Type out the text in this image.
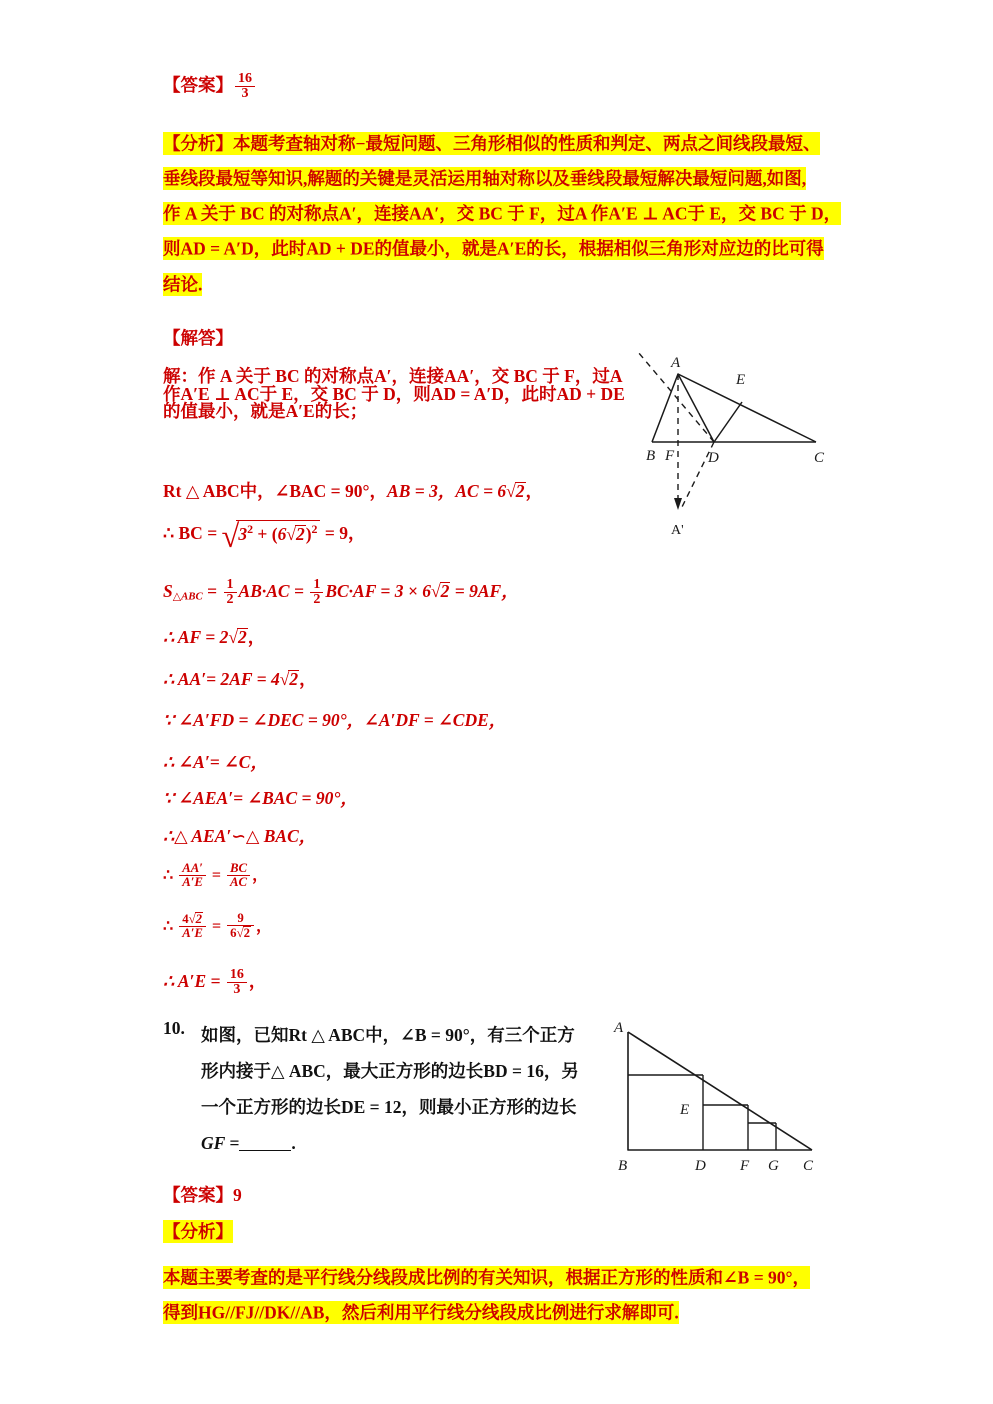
【答案】 $\frac{16}{3}$
【分析】本题考查轴对称−最短问题、三角形相似的性质和判定、两点之间线段最短、
垂线段最短等知识,解题的关键是灵活运用轴对称以及垂线段最短解决最短问题,如图,
作 A 关于 BC 的对称点A′，连接AA′，交 BC 于 F，过A 作A′E ⊥ AC于 E，交 BC 于 D，
则AD = A′D，此时AD + DE的值最小，就是A′E的长，根据相似三角形对应边的比可得
结论.
【解答】
解：作 A 关于 BC 的对称点A′，连接AA′，交 BC 于 F，过A
作A′E ⊥ AC于 E，交 BC 于 D，则AD = A′D，此时AD + DE
的值最小，就是A′E的长；
Rt △ ABC中，∠BAC = 90°，AB = 3，AC = 6√2，
∴ BC = $√3^2 + (6√2)^2 = 9$，
$S_{\triangle ABC} = \frac{1}{2} AB\cdot AC = \frac{1}{2} BC\cdot AF = 3 \times 6√2 = 9AF$，
∴ AF = 2√2，
∴ AA′= 2AF = 4√2，
∵ ∠A′FD = ∠DEC = 90°，∠A′DF = ∠CDE，
∴ ∠A′= ∠C，
∵ ∠AEA′= ∠BAC = 90°，
∴△ AEA′∽△ BAC，
∴ $\frac{AA'}{A'E} = \frac{BC}{AC}$ ，
∴ $\frac{4√2}{A'E} = \frac{9}{6√2}$ ，
∴ $A'E = \frac{16}{3}$ ，
A
E
B F D	C
A'
10. 如图，已知Rt △ ABC中，∠B = 90°，有三个正方
形内接于△ ABC，最大正方形的边长BD = 16，另
一个正方形的边长DE = 12，则最小正方形的边长
GF =	.
A
E
B	D F G C
【答案】9
【分析】
本题主要考查的是平行线分线段成比例的有关知识，根据正方形的性质和∠B = 90°，
得到HG//FJ//DK//AB，然后利用平行线分线段成比例进行求解即可.
